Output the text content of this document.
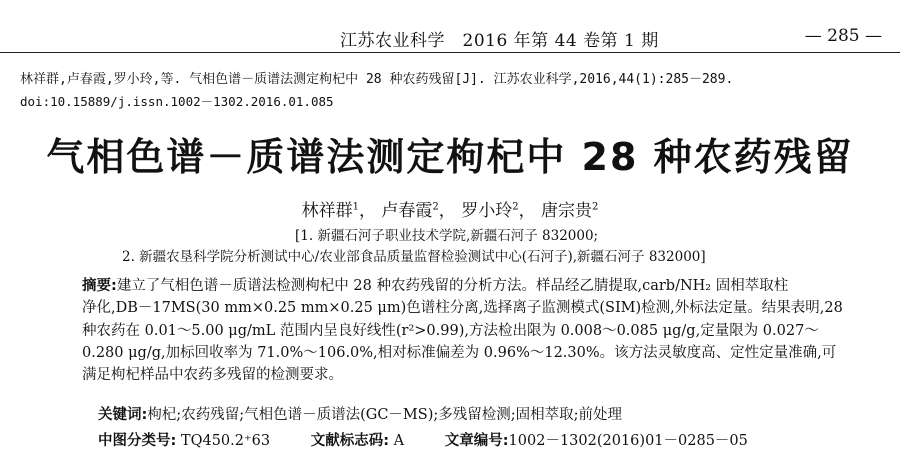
江苏农业科学　2016 年第 44 卷第 1 期	— 285 —
林祥群,卢春霞,罗小玲,等. 气相色谱－质谱法测定枸杞中 28 种农药残留[J]. 江苏农业科学,2016,44(1):285－289.
doi:10.15889/j.issn.1002－1302.2016.01.085
气相色谱－质谱法测定枸杞中 28 种农药残留
林祥群$^1$， 卢春霞$^2$， 罗小玲$^2$， 唐宗贵$^2$
[1. 新疆石河子职业技术学院,新疆石河子 832000;
2. 新疆农垦科学院分析测试中心/农业部食品质量监督检验测试中心(石河子),新疆石河子 832000]
摘要:建立了气相色谱－质谱法检测枸杞中 28 种农药残留的分析方法。样品经乙腈提取,carb/NH₂ 固相萃取柱
净化,DB－17MS(30 mm×0.25 mm×0.25 μm)色谱柱分离,选择离子监测模式(SIM)检测,外标法定量。结果表明,28
种农药在 0.01～5.00 μg/mL 范围内呈良好线性(r²>0.99),方法检出限为 0.008～0.085 μg/g,定量限为 0.027～
0.280 μg/g,加标回收率为 71.0%～106.0%,相对标准偏差为 0.96%～12.30%。该方法灵敏度高、定性定量准确,可
满足枸杞样品中农药多残留的检测要求。
关键词:枸杞;农药残留;气相色谱－质谱法(GC－MS);多残留检测;固相萃取;前处理
中图分类号: TQ450.2⁺63	文献标志码: A	文章编号:1002－1302(2016)01－0285－05
